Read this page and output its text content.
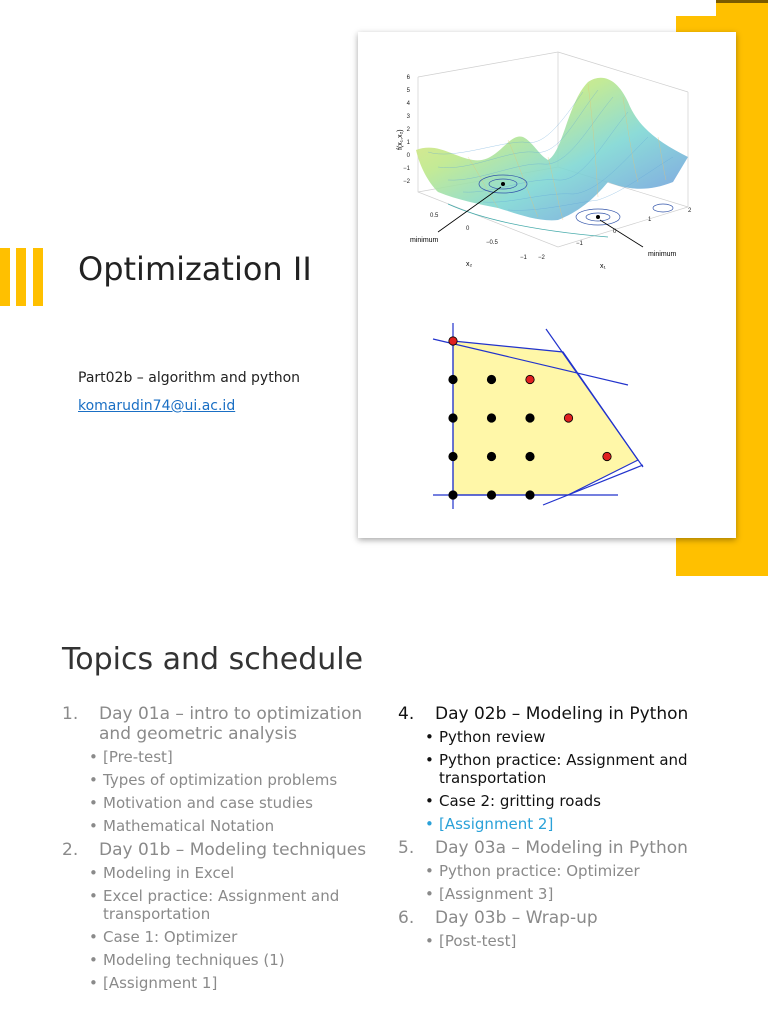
minimum
minimum
6
5
4
3
2
1
0
−1
−2
f(x₁,x₂)
0.5
0
−0.5
−1
x₂
−2
−1
0
1
2
x₁
Optimization II
Part02b – algorithm and python
komarudin74@ui.ac.id
Topics and schedule
1.	Day 01a – intro to optimization and geometric analysis
• [Pre-test]
• Types of optimization problems
• Motivation and case studies
• Mathematical Notation
2.	Day 01b – Modeling techniques
• Modeling in Excel
• Excel practice: Assignment and transportation
• Case 1: Optimizer
• Modeling techniques (1)
• [Assignment 1]
4.	Day 02b – Modeling in Python
• Python review
• Python practice: Assignment and transportation
• Case 2: gritting roads
• [Assignment 2]
5.	Day 03a – Modeling in Python
• Python practice: Optimizer
• [Assignment 3]
6.	Day 03b – Wrap-up
• [Post-test]
